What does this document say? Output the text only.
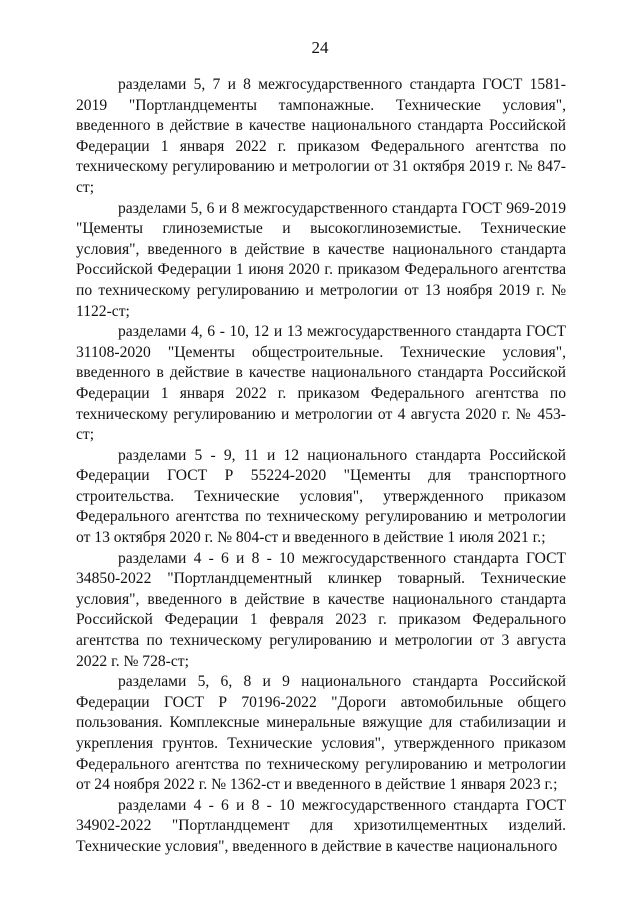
24

разделами 5, 7 и 8 межгосударственного стандарта ГОСТ 1581-2019 "Портландцементы тампонажные. Технические условия", введенного в действие в качестве национального стандарта Российской Федерации 1 января 2022 г. приказом Федерального агентства по техническому регулированию и метрологии от 31 октября 2019 г. № 847-ст;

разделами 5, 6 и 8 межгосударственного стандарта ГОСТ 969-2019 "Цементы глиноземистые и высокоглиноземистые. Технические условия", введенного в действие в качестве национального стандарта Российской Федерации 1 июня 2020 г. приказом Федерального агентства по техническому регулированию и метрологии от 13 ноября 2019 г. № 1122-ст;

разделами 4, 6 - 10, 12 и 13 межгосударственного стандарта ГОСТ 31108-2020 "Цементы общестроительные. Технические условия", введенного в действие в качестве национального стандарта Российской Федерации 1 января 2022 г. приказом Федерального агентства по техническому регулированию и метрологии от 4 августа 2020 г. № 453-ст;

разделами 5 - 9, 11 и 12 национального стандарта Российской Федерации ГОСТ Р 55224-2020 "Цементы для транспортного строительства. Технические условия", утвержденного приказом Федерального агентства по техническому регулированию и метрологии от 13 октября 2020 г. № 804-ст и введенного в действие 1 июля 2021 г.;

разделами 4 - 6 и 8 - 10 межгосударственного стандарта ГОСТ 34850-2022 "Портландцементный клинкер товарный. Технические условия", введенного в действие в качестве национального стандарта Российской Федерации 1 февраля 2023 г. приказом Федерального агентства по техническому регулированию и метрологии от 3 августа 2022 г. № 728-ст;

разделами 5, 6, 8 и 9 национального стандарта Российской Федерации ГОСТ Р 70196-2022 "Дороги автомобильные общего пользования. Комплексные минеральные вяжущие для стабилизации и укрепления грунтов. Технические условия", утвержденного приказом Федерального агентства по техническому регулированию и метрологии от 24 ноября 2022 г. № 1362-ст и введенного в действие 1 января 2023 г.;

разделами 4 - 6 и 8 - 10 межгосударственного стандарта ГОСТ 34902-2022 "Портландцемент для хризотилцементных изделий. Технические условия", введенного в действие в качестве национального
